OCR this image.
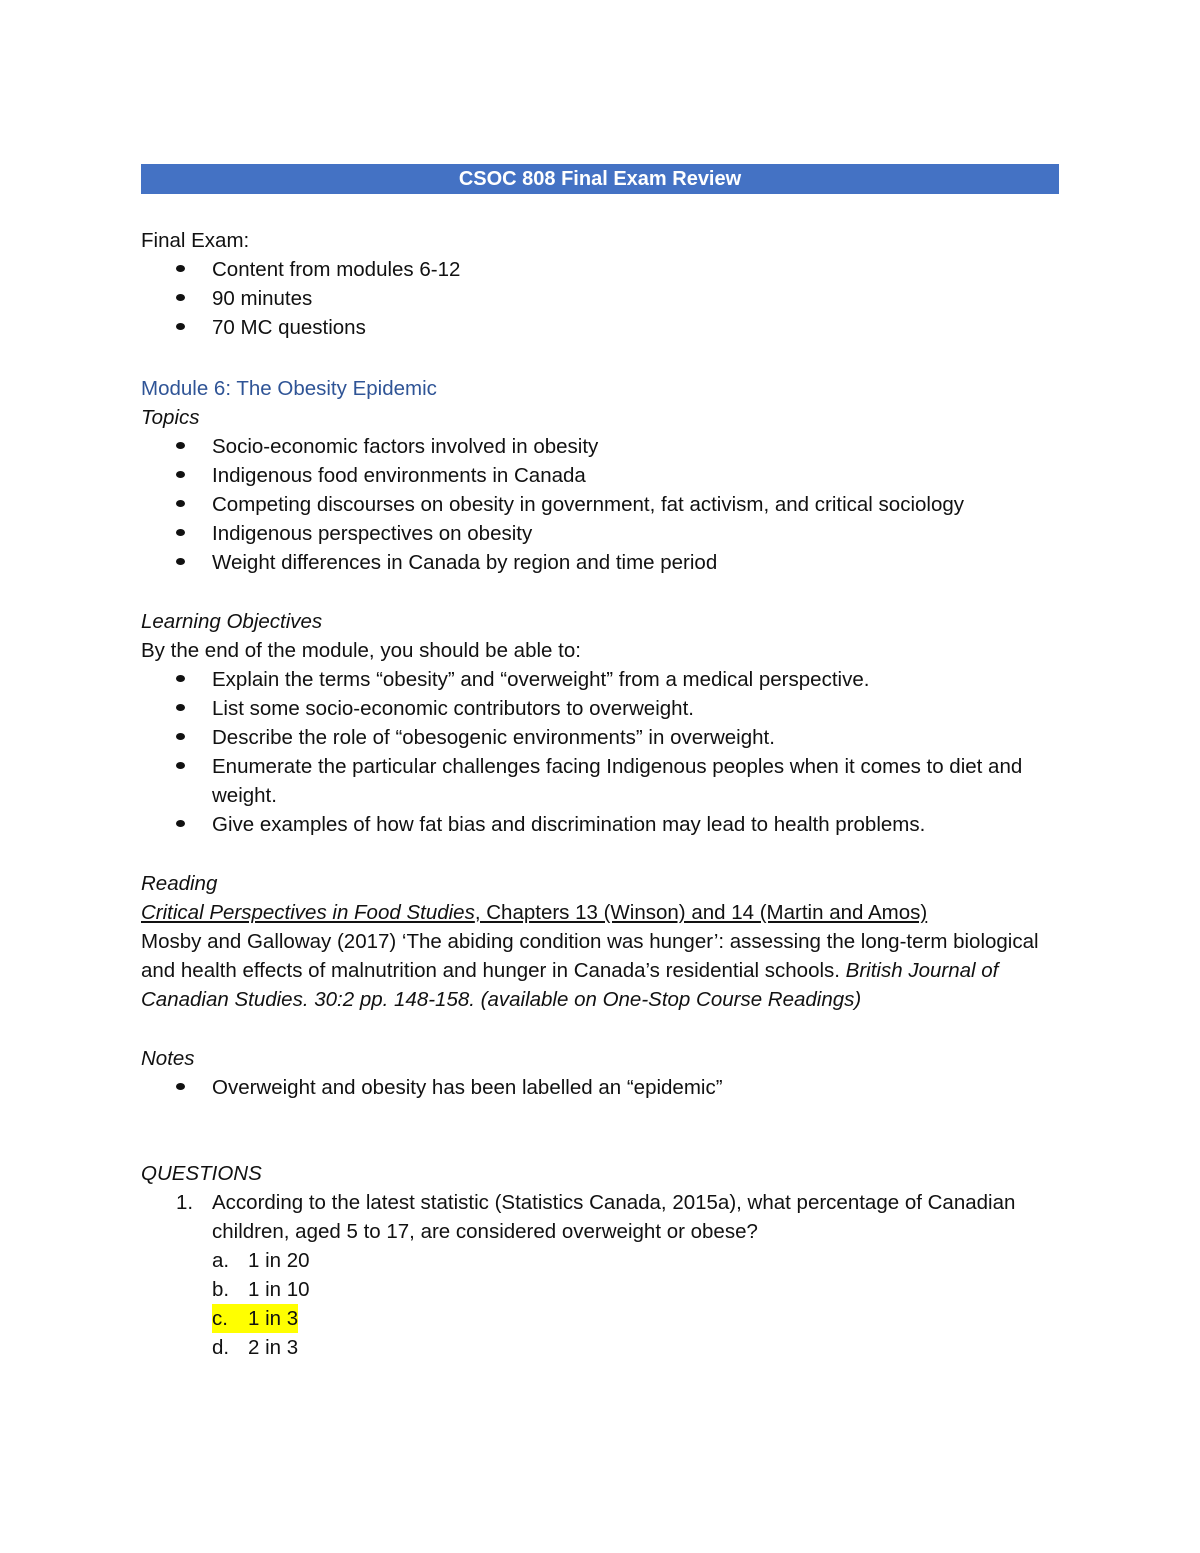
CSOC 808 Final Exam Review
Final Exam:
Content from modules 6-12
90 minutes
70 MC questions
Module 6: The Obesity Epidemic
Topics
Socio-economic factors involved in obesity
Indigenous food environments in Canada
Competing discourses on obesity in government, fat activism, and critical sociology
Indigenous perspectives on obesity
Weight differences in Canada by region and time period
Learning Objectives
By the end of the module, you should be able to:
Explain the terms “obesity” and “overweight” from a medical perspective.
List some socio-economic contributors to overweight.
Describe the role of “obesogenic environments” in overweight.
Enumerate the particular challenges facing Indigenous peoples when it comes to diet and weight.
Give examples of how fat bias and discrimination may lead to health problems.
Reading
Critical Perspectives in Food Studies, Chapters 13 (Winson) and 14 (Martin and Amos)
Mosby and Galloway (2017) ‘The abiding condition was hunger’: assessing the long-term biological and health effects of malnutrition and hunger in Canada’s residential schools. British Journal of Canadian Studies. 30:2 pp. 148-158. (available on One-Stop Course Readings)
Notes
Overweight and obesity has been labelled an “epidemic”
QUESTIONS
1. According to the latest statistic (Statistics Canada, 2015a), what percentage of Canadian children, aged 5 to 17, are considered overweight or obese?
a. 1 in 20
b. 1 in 10
c. 1 in 3
d. 2 in 3
